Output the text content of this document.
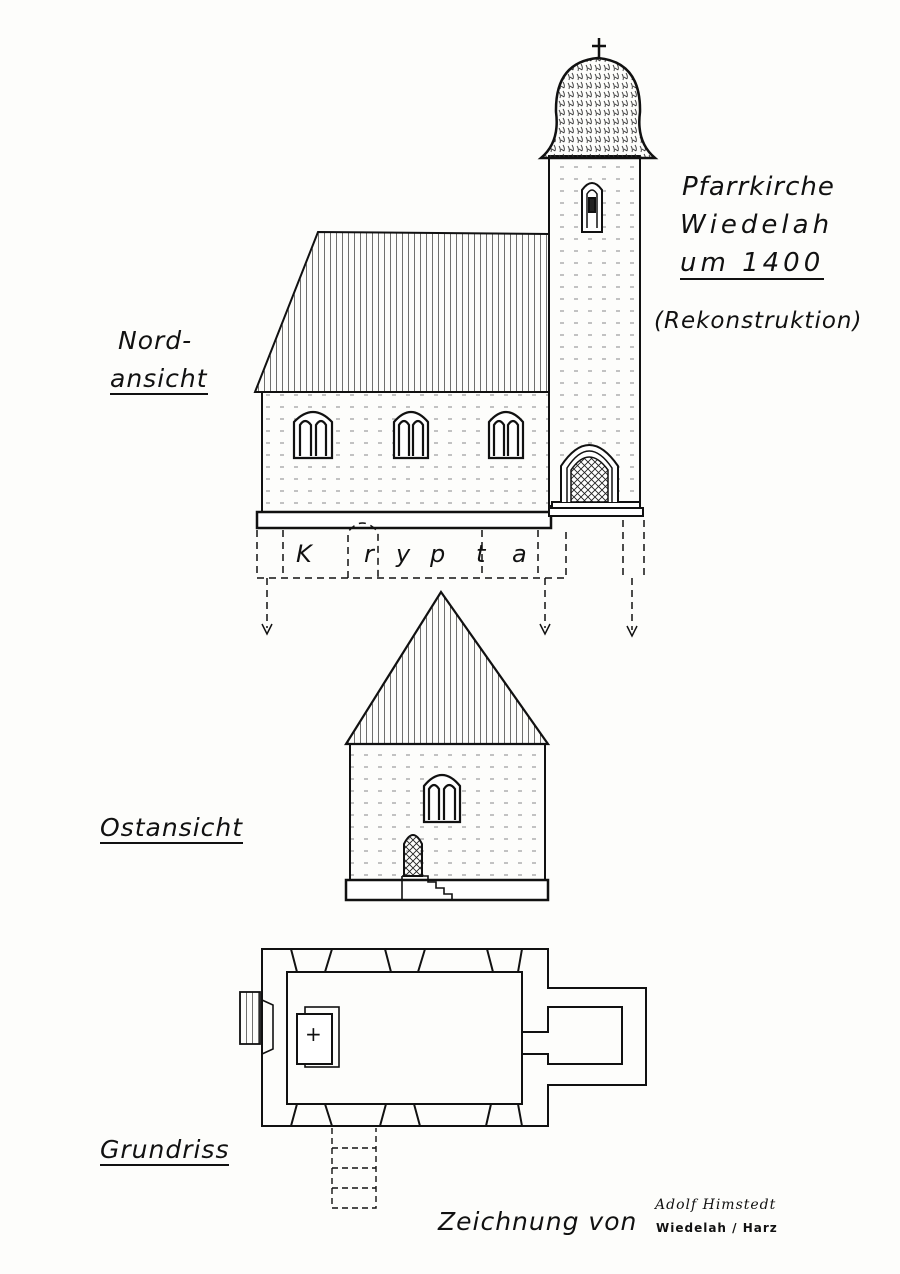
Pfarrkirche
Wiedelah
um 1400
(Rekonstruktion)
Nord-
ansicht
Ostansicht
Grundriss
K r y p t a
+
Zeichnung von
Adolf Himstedt
Wiedelah / Harz
